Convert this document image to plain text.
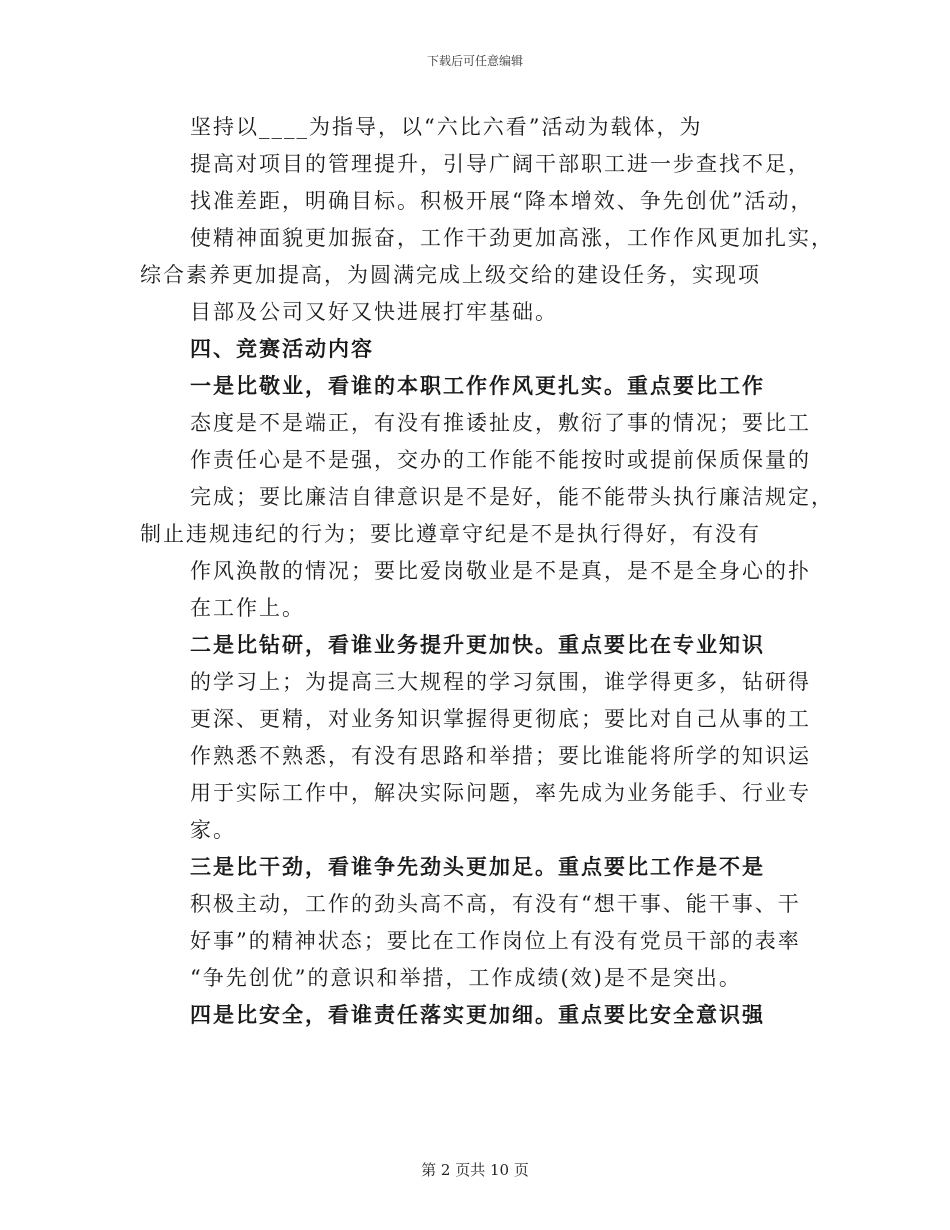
下载后可任意编辑
坚持以____为指导，以“六比六看”活动为载体，为
提高对项目的管理提升，引导广阔干部职工进一步查找不足，
找准差距，明确目标。积极开展“降本增效、争先创优”活动，
使精神面貌更加振奋，工作干劲更加高涨，工作作风更加扎实，
综合素养更加提高，为圆满完成上级交给的建设任务，实现项
目部及公司又好又快进展打牢基础。
四、竞赛活动内容
一是比敬业，看谁的本职工作作风更扎实。重点要比工作
态度是不是端正，有没有推诿扯皮，敷衍了事的情况；要比工
作责任心是不是强，交办的工作能不能按时或提前保质保量的
完成；要比廉洁自律意识是不是好，能不能带头执行廉洁规定，
制止违规违纪的行为；要比遵章守纪是不是执行得好，有没有
作风涣散的情况；要比爱岗敬业是不是真，是不是全身心的扑
在工作上。
二是比钻研，看谁业务提升更加快。重点要比在专业知识
的学习上；为提高三大规程的学习氛围，谁学得更多，钻研得
更深、更精，对业务知识掌握得更彻底；要比对自己从事的工
作熟悉不熟悉，有没有思路和举措；要比谁能将所学的知识运
用于实际工作中，解决实际问题，率先成为业务能手、行业专
家。
三是比干劲，看谁争先劲头更加足。重点要比工作是不是
积极主动，工作的劲头高不高，有没有“想干事、能干事、干
好事”的精神状态；要比在工作岗位上有没有党员干部的表率
“争先创优”的意识和举措，工作成绩(效)是不是突出。
四是比安全，看谁责任落实更加细。重点要比安全意识强
第 2 页共 10 页
